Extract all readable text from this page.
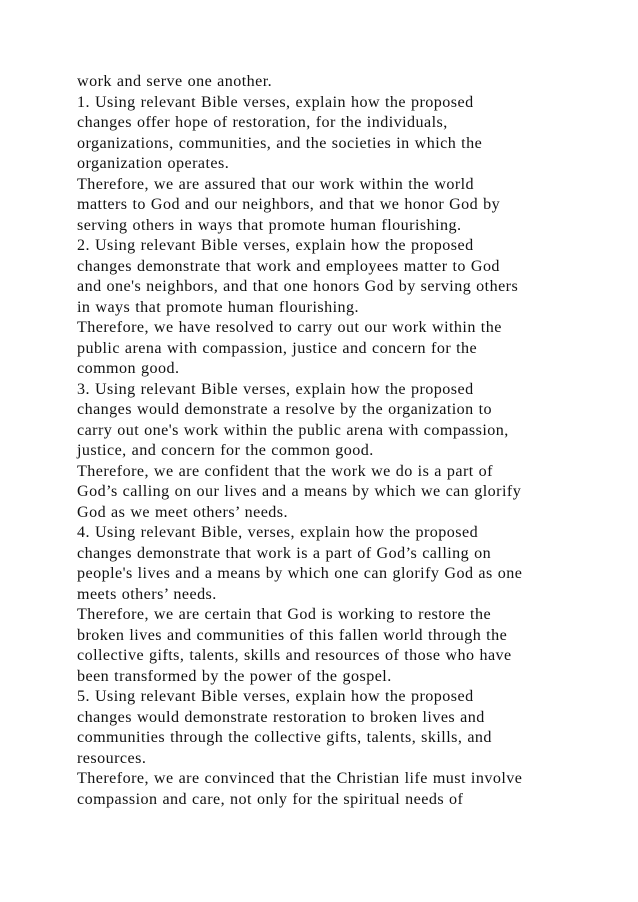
work and serve one another.
1. Using relevant Bible verses, explain how the proposed
changes offer hope of restoration, for the individuals,
organizations, communities, and the societies in which the
organization operates.
Therefore, we are assured that our work within the world
matters to God and our neighbors, and that we honor God by
serving others in ways that promote human flourishing.
2. Using relevant Bible verses, explain how the proposed
changes demonstrate that work and employees matter to God
and one's neighbors, and that one honors God by serving others
in ways that promote human flourishing.
Therefore, we have resolved to carry out our work within the
public arena with compassion, justice and concern for the
common good.
3. Using relevant Bible verses, explain how the proposed
changes would demonstrate a resolve by the organization to
carry out one's work within the public arena with compassion,
justice, and concern for the common good.
Therefore, we are confident that the work we do is a part of
God’s calling on our lives and a means by which we can glorify
God as we meet others’ needs.
4. Using relevant Bible, verses, explain how the proposed
changes demonstrate that work is a part of God’s calling on
people's lives and a means by which one can glorify God as one
meets others’ needs.
Therefore, we are certain that God is working to restore the
broken lives and communities of this fallen world through the
collective gifts, talents, skills and resources of those who have
been transformed by the power of the gospel.
5. Using relevant Bible verses, explain how the proposed
changes would demonstrate restoration to broken lives and
communities through the collective gifts, talents, skills, and
resources.
Therefore, we are convinced that the Christian life must involve
compassion and care, not only for the spiritual needs of
